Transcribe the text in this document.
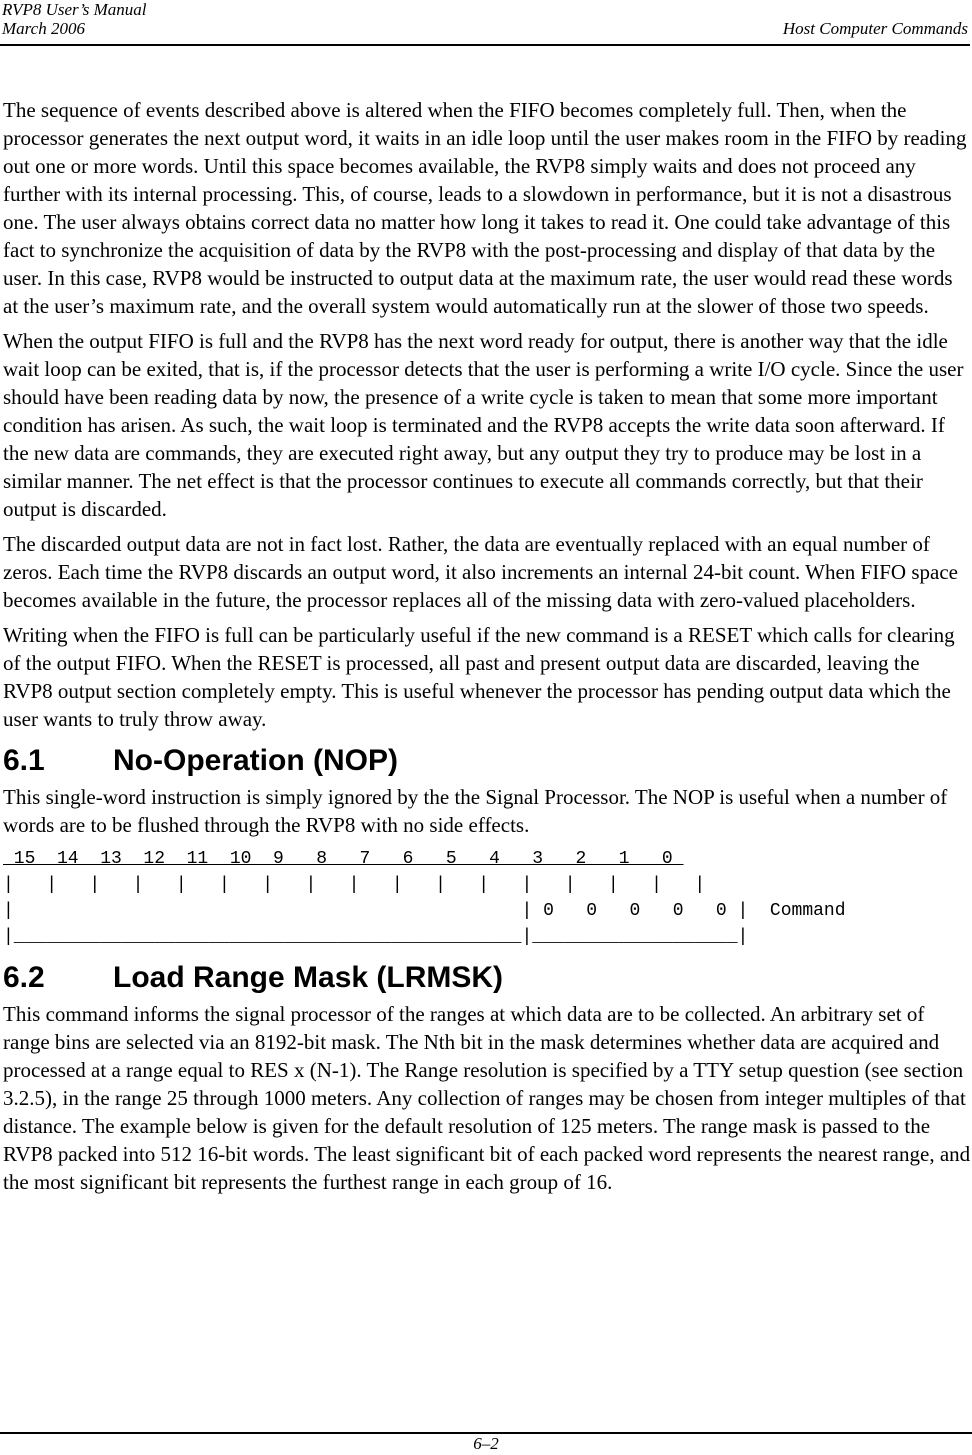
RVP8 User’s Manual
March 2006	Host Computer Commands

The sequence of events described above is altered when the FIFO becomes completely full. Then, when the processor generates the next output word, it waits in an idle loop until the user makes room in the FIFO by reading out one or more words. Until this space becomes available, the RVP8 simply waits and does not proceed any further with its internal processing. This, of course, leads to a slowdown in performance, but it is not a disastrous one. The user always obtains correct data no matter how long it takes to read it. One could take advantage of this fact to synchronize the acquisition of data by the RVP8 with the post-processing and display of that data by the user. In this case, RVP8 would be instructed to output data at the maximum rate, the user would read these words at the user’s maximum rate, and the overall system would automatically run at the slower of those two speeds.

When the output FIFO is full and the RVP8 has the next word ready for output, there is another way that the idle wait loop can be exited, that is, if the processor detects that the user is performing a write I/O cycle. Since the user should have been reading data by now, the presence of a write cycle is taken to mean that some more important condition has arisen. As such, the wait loop is terminated and the RVP8 accepts the write data soon afterward. If the new data are commands, they are executed right away, but any output they try to produce may be lost in a similar manner. The net effect is that the processor continues to execute all commands correctly, but that their output is discarded.

The discarded output data are not in fact lost. Rather, the data are eventually replaced with an equal number of zeros. Each time the RVP8 discards an output word, it also increments an internal 24-bit count. When FIFO space becomes available in the future, the processor replaces all of the missing data with zero-valued placeholders.

Writing when the FIFO is full can be particularly useful if the new command is a RESET which calls for clearing of the output FIFO. When the RESET is processed, all past and present output data are discarded, leaving the RVP8 output section completely empty. This is useful whenever the processor has pending output data which the user wants to truly throw away.

6.1 No-Operation (NOP)

This single-word instruction is simply ignored by the the Signal Processor. The NOP is useful when a number of words are to be flushed through the RVP8 with no side effects.

15  14  13  12  11  10  9   8   7   6   5   4   3   2   1   0
|   |   |   |   |   |   |   |   |   |   |   |   |   |   |   |   |
|                                               | 0   0   0   0   0 |  Command
|_______________________________________________|___________________|
6.2 Load Range Mask (LRMSK)

This command informs the signal processor of the ranges at which data are to be collected. An arbitrary set of range bins are selected via an 8192-bit mask. The Nth bit in the mask determines whether data are acquired and processed at a range equal to RES x (N-1). The Range resolution is specified by a TTY setup question (see section 3.2.5), in the range 25 through 1000 meters. Any collection of ranges may be chosen from integer multiples of that distance. The example below is given for the default resolution of 125 meters. The range mask is passed to the RVP8 packed into 512 16-bit words. The least significant bit of each packed word represents the nearest range, and the most significant bit represents the furthest range in each group of 16.

6–2
